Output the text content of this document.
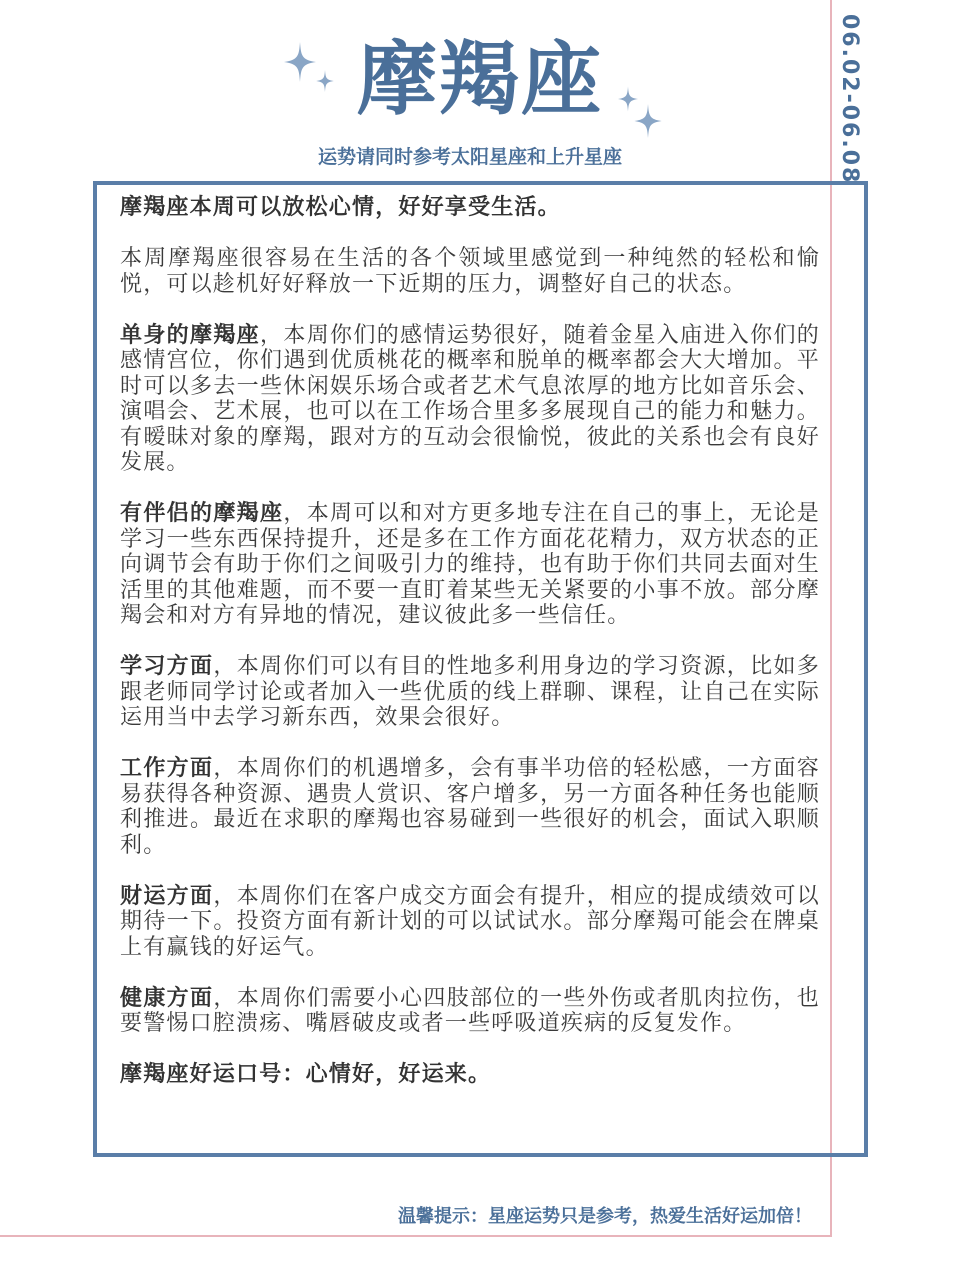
摩羯座
运势请同时参考太阳星座和上升星座	06.02-06.08

摩羯座本周可以放松心情，好好享受生活。

本周摩羯座很容易在生活的各个领域里感觉到一种纯然的轻松和愉悦，可以趁机好好释放一下近期的压力，调整好自己的状态。

单身的摩羯座，本周你们的感情运势很好，随着金星入庙进入你们的感情宫位，你们遇到优质桃花的概率和脱单的概率都会大大增加。平时可以多去一些休闲娱乐场合或者艺术气息浓厚的地方比如音乐会、演唱会、艺术展，也可以在工作场合里多多展现自己的能力和魅力。有暧昧对象的摩羯，跟对方的互动会很愉悦，彼此的关系也会有良好发展。

有伴侣的摩羯座，本周可以和对方更多地专注在自己的事上，无论是学习一些东西保持提升，还是多在工作方面花花精力，双方状态的正向调节会有助于你们之间吸引力的维持，也有助于你们共同去面对生活里的其他难题，而不要一直盯着某些无关紧要的小事不放。部分摩羯会和对方有异地的情况，建议彼此多一些信任。

学习方面，本周你们可以有目的性地多利用身边的学习资源，比如多跟老师同学讨论或者加入一些优质的线上群聊、课程，让自己在实际运用当中去学习新东西，效果会很好。

工作方面，本周你们的机遇增多，会有事半功倍的轻松感，一方面容易获得各种资源、遇贵人赏识、客户增多，另一方面各种任务也能顺利推进。最近在求职的摩羯也容易碰到一些很好的机会，面试入职顺利。

财运方面，本周你们在客户成交方面会有提升，相应的提成绩效可以期待一下。投资方面有新计划的可以试试水。部分摩羯可能会在牌桌上有赢钱的好运气。

健康方面，本周你们需要小心四肢部位的一些外伤或者肌肉拉伤，也要警惕口腔溃疡、嘴唇破皮或者一些呼吸道疾病的反复发作。

摩羯座好运口号：心情好，好运来。

温馨提示：星座运势只是参考，热爱生活好运加倍！
